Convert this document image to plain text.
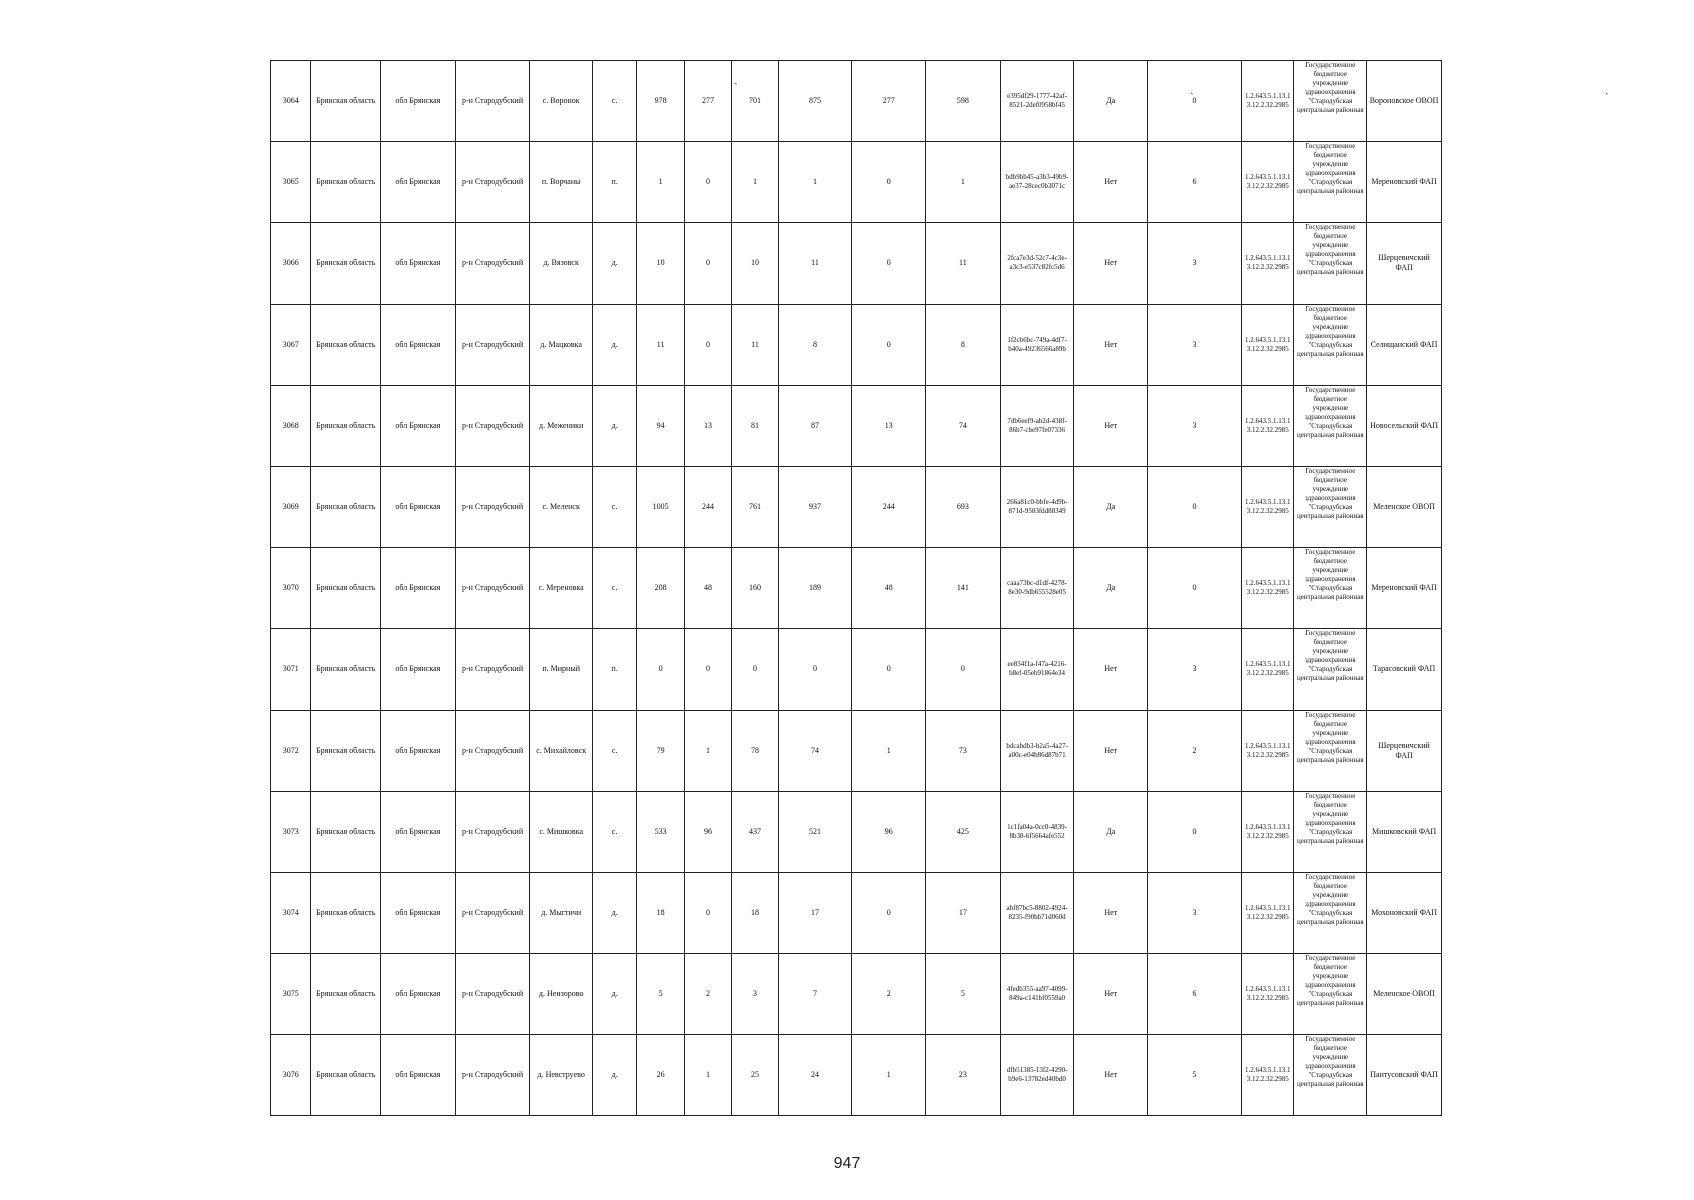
3064	Брянская область	обл Брянская	р-н Стародубский	с. Воронок	с.	978	277	701	875	277	598	e395df29-1777-42af-8521-2def0958bf45	Да	0	1.2.643.5.1.13.13.12.2.32.2985	Государственное бюджетное учреждение здравоохранения "Стародубская центральная районная	Вороновское ОВОП
3065	Брянская область	обл Брянская	р-н Стародубский	п. Ворчаны	п.	1	0	1	1	0	1	bdb9bb45-a3b3-49b9-ae37-28cec0b3071c	Нет	6	1.2.643.5.1.13.13.12.2.32.2985	Государственное бюджетное учреждение здравоохранения "Стародубская центральная районная	Мереновский ФАП
3066	Брянская область	обл Брянская	р-н Стародубский	д. Вязовск	д.	10	0	10	11	0	11	2fca7e3d-52c7-4c3e-a3c3-e537c82fc5d6	Нет	3	1.2.643.5.1.13.13.12.2.32.2985	Государственное бюджетное учреждение здравоохранения "Стародубская центральная районная	Шерцевичский ФАП
3067	Брянская область	обл Брянская	р-н Стародубский	д. Мацковка	д.	11	0	11	8	0	8	1f2cb6bc-749a-4df7-b40a-49236566a89b	Нет	3	1.2.643.5.1.13.13.12.2.32.2985	Государственное бюджетное учреждение здравоохранения "Стародубская центральная районная	Селищанский ФАП
3068	Брянская область	обл Брянская	р-н Стародубский	д. Меженики	д.	94	13	81	87	13	74	7db6eef9-ab2d-438f-86b7-cbe97fe07336	Нет	3	1.2.643.5.1.13.13.12.2.32.2985	Государственное бюджетное учреждение здравоохранения "Стародубская центральная районная	Новосельский ФАП
3069	Брянская область	обл Брянская	р-н Стародубский	с. Меленск	с.	1005	244	761	937	244	693	266a81c0-bbfe-4d9b-871d-9583fdd88349	Да	0	1.2.643.5.1.13.13.12.2.32.2985	Государственное бюджетное учреждение здравоохранения "Стародубская центральная районная	Меленское ОВОП
3070	Брянская область	обл Брянская	р-н Стародубский	с. Мереновка	с.	208	48	160	189	48	141	caaa73bc-d1df-4278-8e30-9db655528e05	Да	0	1.2.643.5.1.13.13.12.2.32.2985	Государственное бюджетное учреждение здравоохранения "Стародубская центральная районная	Мереновский ФАП
3071	Брянская область	обл Брянская	р-н Стародубский	п. Мирный	п.	0	0	0	0	0	0	ee834f1a-f47a-4216-b8ef-05eb91864e34	Нет	3	1.2.643.5.1.13.13.12.2.32.2985	Государственное бюджетное учреждение здравоохранения "Стародубская центральная районная	Тарасовский ФАП
3072	Брянская область	обл Брянская	р-н Стародубский	с. Михайловск	с.	79	1	78	74	1	73	bdcabdb3-b2a5-4a27-a00c-e04b86d87b71	Нет	2	1.2.643.5.1.13.13.12.2.32.2985	Государственное бюджетное учреждение здравоохранения "Стародубская центральная районная	Шерцевичский ФАП
3073	Брянская область	обл Брянская	р-н Стародубский	с. Мишковка	с.	533	96	437	521	96	425	1c1fa04a-0cc0-4839-8b38-6f5664afe552	Да	0	1.2.643.5.1.13.13.12.2.32.2985	Государственное бюджетное учреждение здравоохранения "Стародубская центральная районная	Мишковский ФАП
3074	Брянская область	обл Брянская	р-н Стародубский	д. Мыгтичи	д.	18	0	18	17	0	17	abf87bc5-8802-4924-8235-f90bb71d060d	Нет	3	1.2.643.5.1.13.13.12.2.32.2985	Государственное бюджетное учреждение здравоохранения "Стародубская центральная районная	Мохоновский ФАП
3075	Брянская область	обл Брянская	р-н Стародубский	д. Неизорово	д.	5	2	3	7	2	5	4fedb355-aa97-4099-849a-c141bf0559a0	Нет	6	1.2.643.5.1.13.13.12.2.32.2985	Государственное бюджетное учреждение здравоохранения "Стародубская центральная районная	Меленское ОВОП
3076	Брянская область	обл Брянская	р-н Стародубский	д. Невструево	д.	26	1	25	24	1	23	dfb51385-13f2-4290-b9e6-13782ed40bd0	Нет	5	1.2.643.5.1.13.13.12.2.32.2985	Государственное бюджетное учреждение здравоохранения "Стародубская центральная районная	Пантусовский ФАП
`	`
`
947
